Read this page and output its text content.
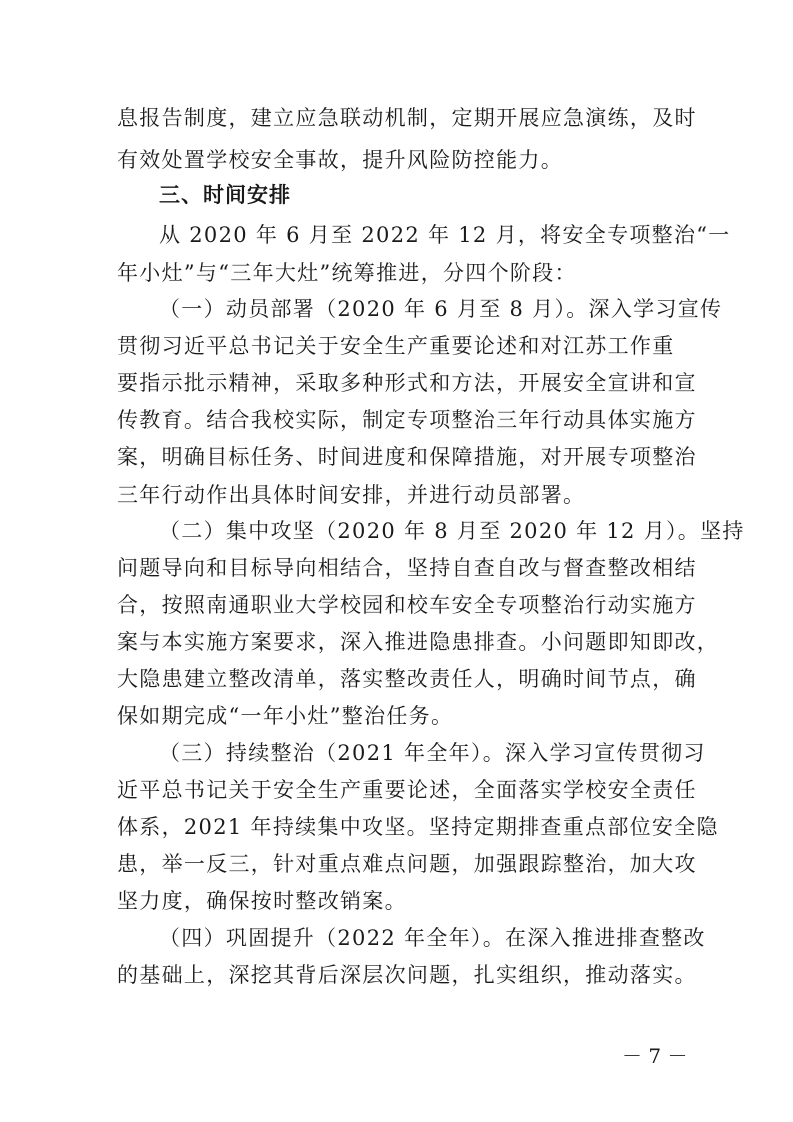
息报告制度，建立应急联动机制，定期开展应急演练，及时
有效处置学校安全事故，提升风险防控能力。
三、时间安排
从 2020 年 6 月至 2022 年 12 月，将安全专项整治“一
年小灶”与“三年大灶”统筹推进，分四个阶段：
（一）动员部署（2020 年 6 月至 8 月）。深入学习宣传
贯彻习近平总书记关于安全生产重要论述和对江苏工作重
要指示批示精神，采取多种形式和方法，开展安全宣讲和宣
传教育。结合我校实际，制定专项整治三年行动具体实施方
案，明确目标任务、时间进度和保障措施，对开展专项整治
三年行动作出具体时间安排，并进行动员部署。
（二）集中攻坚（2020 年 8 月至 2020 年 12 月）。坚持
问题导向和目标导向相结合，坚持自查自改与督查整改相结
合，按照南通职业大学校园和校车安全专项整治行动实施方
案与本实施方案要求，深入推进隐患排查。小问题即知即改，
大隐患建立整改清单，落实整改责任人，明确时间节点，确
保如期完成“一年小灶”整治任务。
（三）持续整治（2021 年全年）。深入学习宣传贯彻习
近平总书记关于安全生产重要论述，全面落实学校安全责任
体系，2021 年持续集中攻坚。坚持定期排查重点部位安全隐
患，举一反三，针对重点难点问题，加强跟踪整治，加大攻
坚力度，确保按时整改销案。
（四）巩固提升（2022 年全年）。在深入推进排查整改
的基础上，深挖其背后深层次问题，扎实组织，推动落实。
－ 7 －
